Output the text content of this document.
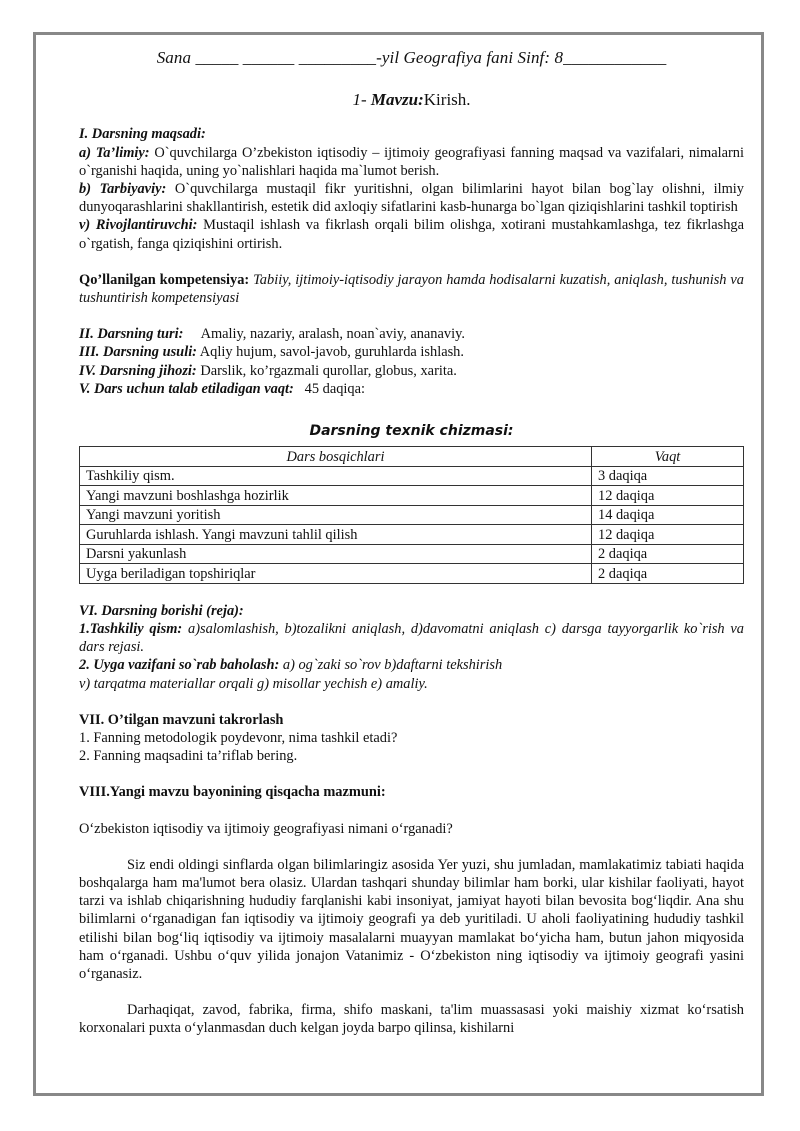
Sana _____ ______ _________-yil Geografiya fani Sinf: 8____________

1- Mavzu:Kirish.

I. Darsning maqsadi:

a) Ta’limiy: O`quvchilarga O’zbekiston iqtisodiy – ijtimoiy geografiyasi fanning maqsad va vazifalari, nimalarni o`rganishi haqida, uning yo`nalishlari haqida ma`lumot berish.

b) Tarbiyaviy: O`quvchilarga mustaqil fikr yuritishni, olgan bilimlarini hayot bilan bog`lay olishni, ilmiy dunyoqarashlarini shakllantirish, estetik did axloqiy sifatlarini kasb-hunarga bo`lgan qiziqishlarini tashkil toptirish

v) Rivojlantiruvchi: Mustaqil ishlash va fikrlash orqali bilim olishga, xotirani mustahkamlashga, tez fikrlashga o`rgatish, fanga qiziqishini ortirish.

Qo’llanilgan kompetensiya: Tabiiy, ijtimoiy-iqtisodiy jarayon hamda hodisalarni kuzatish, aniqlash, tushunish va tushuntirish kompetensiyasi

II. Darsning turi:     Amaliy, nazariy, aralash, noan`aviy, ananaviy.

III. Darsning usuli: Aqliy hujum, savol-javob, guruhlarda ishlash.

IV. Darsning jihozi: Darslik, ko’rgazmali qurollar, globus, xarita.

V. Dars uchun talab etiladigan vaqt:   45 daqiqa:

Darsning texnik chizmasi:

Dars bosqichlari	Vaqt
Tashkiliy qism.	3 daqiqa
Yangi mavzuni boshlashga hozirlik	12 daqiqa
Yangi mavzuni yoritish	14 daqiqa
Guruhlarda ishlash. Yangi mavzuni tahlil qilish	12 daqiqa
Darsni yakunlash	2 daqiqa
Uyga beriladigan topshiriqlar	2 daqiqa

VI. Darsning borishi (reja):

1.Tashkiliy qism: a)salomlashish, b)tozalikni aniqlash, d)davomatni aniqlash c) darsga tayyorgarlik ko`rish va dars rejasi.

2. Uyga vazifani so`rab baholash: a) og`zaki so`rov b)daftarni tekshirish

v) tarqatma materiallar orqali g) misollar yechish e) amaliy.

VII. O’tilgan mavzuni takrorlash

1. Fanning metodologik poydevonr, nima tashkil etadi?

2. Fanning maqsadini ta’riflab bering.

VIII.Yangi mavzu bayonining qisqacha mazmuni:

O‘zbekiston iqtisodiy va ijtimoiy geografiyasi nimani o‘rganadi?

Siz endi oldingi sinflarda olgan bilimlaringiz asosida Yer yuzi, shu jumladan, mamlakatimiz tabiati haqida boshqalarga ham ma'lumot bera olasiz. Ulardan tashqari shunday bilimlar ham borki, ular kishilar faoliyati, hayot tarzi va ishlab chiqarishning hududiy farqlanishi kabi insoniyat, jamiyat hayoti bilan bevosita bog‘liqdir. Ana shu bilimlarni o‘rganadigan fan iqtisodiy va ijtimoiy geografi ya deb yuritiladi. U aholi faoliyatining hududiy tashkil etilishi bilan bog‘liq iqtisodiy va ijtimoiy masalalarni muayyan mamlakat bo‘yicha ham, butun jahon miqyosida ham o‘rganadi. Ushbu o‘quv yilida jonajon Vatanimiz - O‘zbekiston ning iqtisodiy va ijtimoiy geografi yasini o‘rganasiz.

Darhaqiqat, zavod, fabrika, firma, shifo maskani, ta'lim muassasasi yoki maishiy xizmat ko‘rsatish korxonalari puxta o‘ylanmasdan duch kelgan joyda barpo qilinsa, kishilarni
